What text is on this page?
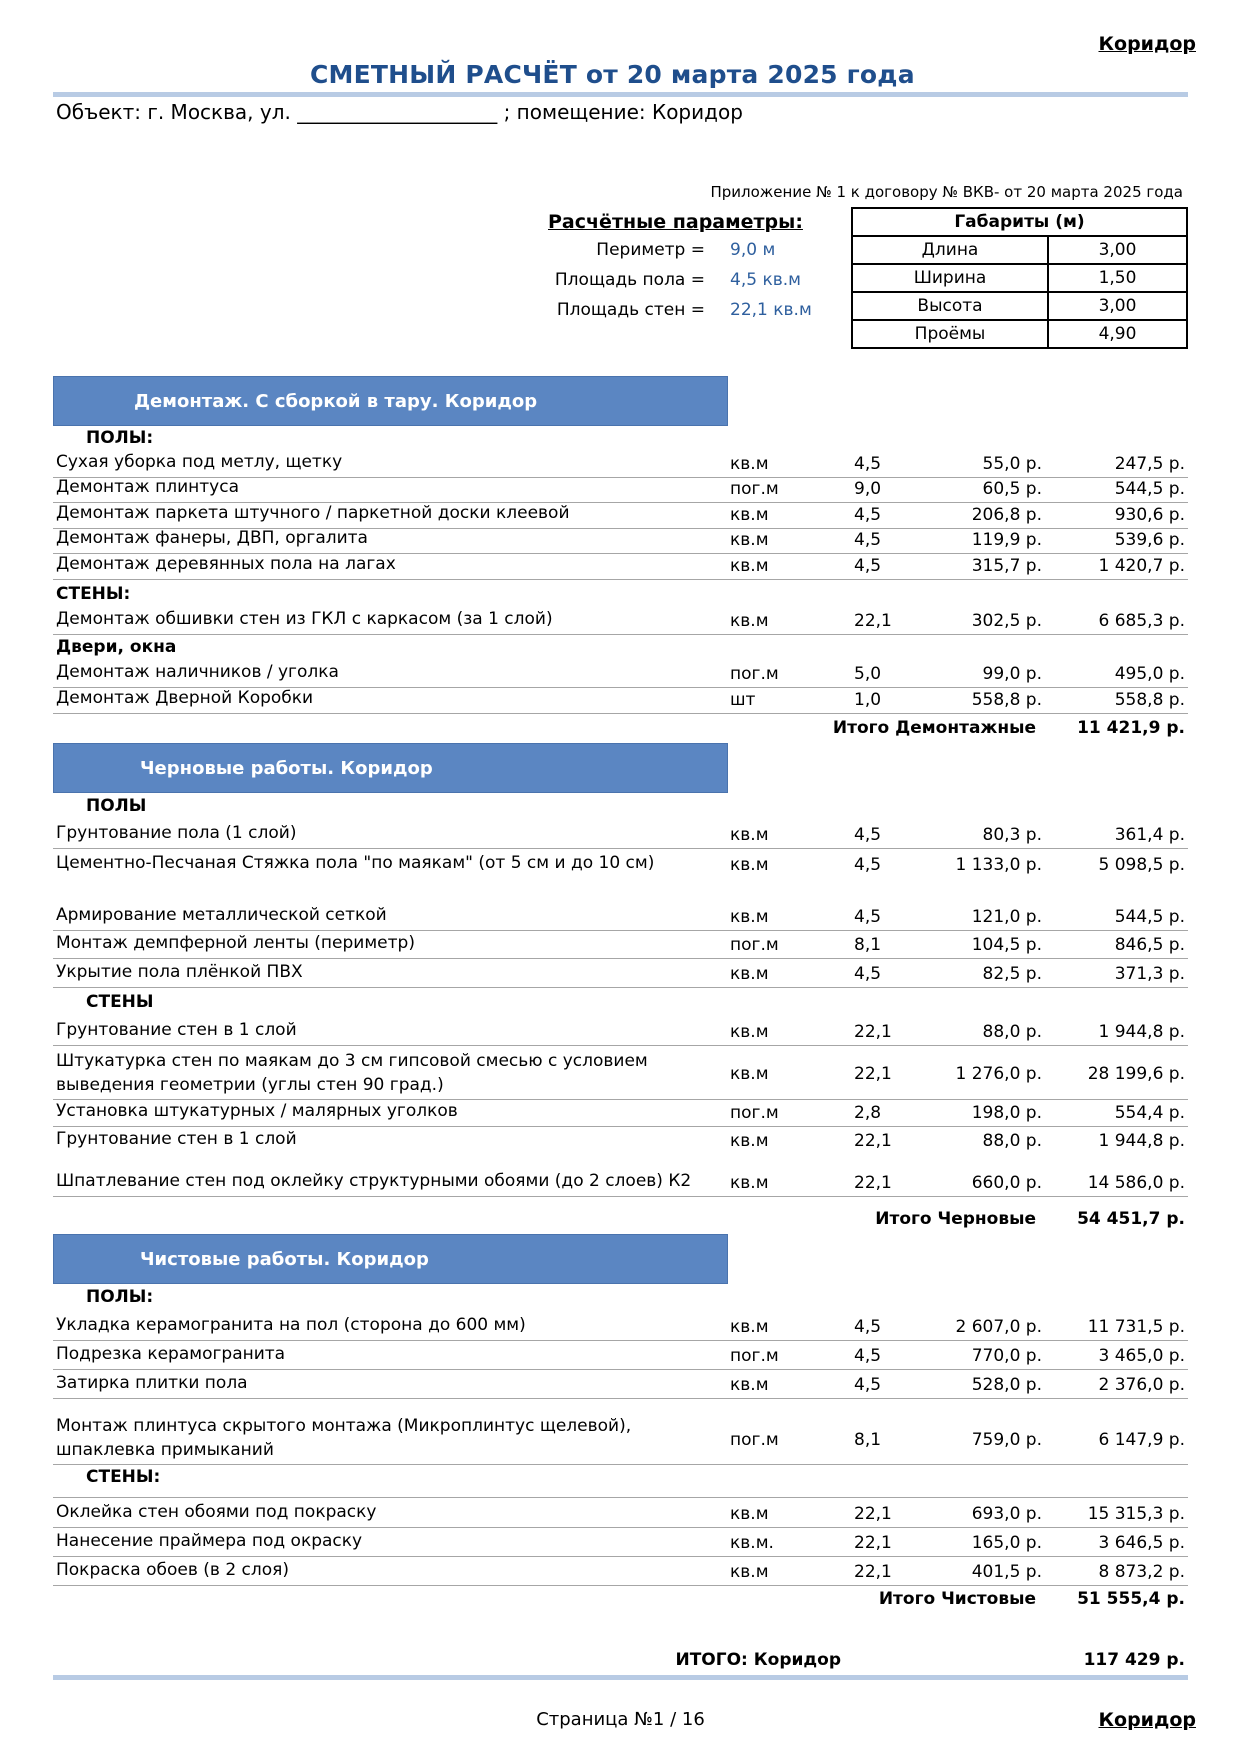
Коридор
СМЕТНЫЙ РАСЧЁТ от 20 марта 2025 года
Объект: г. Москва, ул. ____________________ ; помещение: Коридор
Приложение № 1 к договору № ВКВ- от 20 марта 2025 года
Расчётные параметры:
Периметр = 9,0 м
Площадь пола = 4,5 кв.м
Площадь стен = 22,1 кв.м
Габариты (м)	
Длина	3,00
Ширина	1,50
Высота	3,00
Проёмы	4,90
Демонтаж. С сборкой в тару. Коридор
ПОЛЫ:
Сухая уборка под метлу, щетку	кв.м	4,5	55,0 р.	247,5 р.
Демонтаж плинтуса	пог.м	9,0	60,5 р.	544,5 р.
Демонтаж паркета штучного / паркетной доски клеевой	кв.м	4,5	206,8 р.	930,6 р.
Демонтаж фанеры, ДВП, оргалита	кв.м	4,5	119,9 р.	539,6 р.
Демонтаж деревянных пола на лагах	кв.м	4,5	315,7 р.	1 420,7 р.
СТЕНЫ:
Демонтаж обшивки стен из ГКЛ с каркасом (за 1 слой)	кв.м	22,1	302,5 р.	6 685,3 р.
Двери, окна
Демонтаж наличников / уголка	пог.м	5,0	99,0 р.	495,0 р.
Демонтаж Дверной Коробки	шт	1,0	558,8 р.	558,8 р.
Итого Демонтажные 11 421,9 р.
Черновые работы. Коридор
ПОЛЫ
Грунтование пола (1 слой)	кв.м	4,5	80,3 р.	361,4 р.
Цементно-Песчаная Стяжка пола "по маякам" (от 5 см и до 10 см)	кв.м	4,5	1 133,0 р.	5 098,5 р.
Армирование металлической сеткой	кв.м	4,5	121,0 р.	544,5 р.
Монтаж демпферной ленты (периметр)	пог.м	8,1	104,5 р.	846,5 р.
Укрытие пола плёнкой ПВХ	кв.м	4,5	82,5 р.	371,3 р.
СТЕНЫ
Грунтование стен в 1 слой	кв.м	22,1	88,0 р.	1 944,8 р.
Штукатурка стен по маякам до 3 см гипсовой смесью с условием выведения геометрии (углы стен 90 град.)
кв.м	22,1	1 276,0 р.	28 199,6 р.
Установка штукатурных / малярных уголков	пог.м	2,8	198,0 р.	554,4 р.
Грунтование стен в 1 слой	кв.м	22,1	88,0 р.	1 944,8 р.
Шпатлевание стен под оклейку структурными обоями (до 2 слоев) К2	кв.м	22,1	660,0 р.	14 586,0 р.
Итого Черновые 54 451,7 р.
Чистовые работы. Коридор
ПОЛЫ:
Укладка керамогранита на пол (сторона до 600 мм)	кв.м	4,5	2 607,0 р.	11 731,5 р.
Подрезка керамогранита	пог.м	4,5	770,0 р.	3 465,0 р.
Затирка плитки пола	кв.м	4,5	528,0 р.	2 376,0 р.
Монтаж плинтуса скрытого монтажа (Микроплинтус щелевой), шпаклевка примыканий	пог.м	8,1	759,0 р.	6 147,9 р.
СТЕНЫ:
Оклейка стен обоями под покраску	кв.м	22,1	693,0 р.	15 315,3 р.
Нанесение праймера под окраску	кв.м.	22,1	165,0 р.	3 646,5 р.
Покраска обоев (в 2 слоя)	кв.м	22,1	401,5 р.	8 873,2 р.
Итого Чистовые 51 555,4 р.
ИТОГО: Коридор	117 429 р.
Страница №1 / 16	Коридор
